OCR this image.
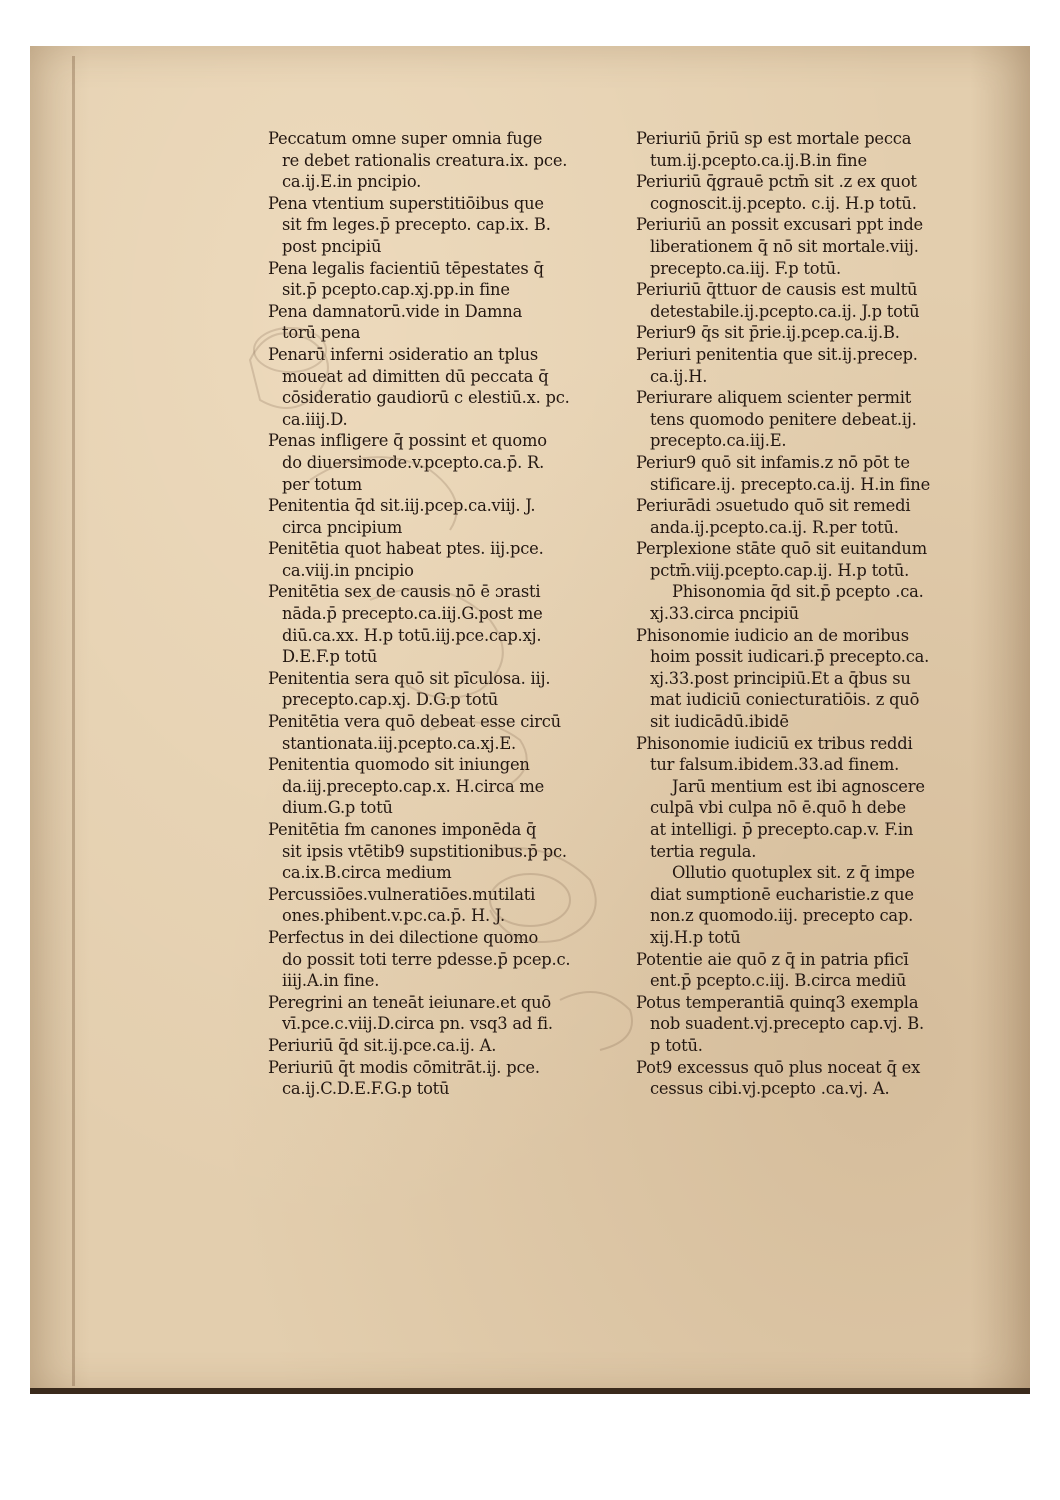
Peccatum omne super omnia fuge
re debet rationalis creatura.ix. pce.
ca.ij.E.in pncipio.
Pena vtentium superstitiōibus que
sit fm leges.p̄ precepto. cap.ix. B.
post pncipiū
Pena legalis facientiū tēpestates q̄
sit.p̄ pcepto.cap.xj.pp.in fine
Pena damnatorū.vide in Damna
torū pena
Penarū inferni ɔsideratio an tplus
moueat ad dimitten dū peccata q̄
cōsideratio gaudiorū c elestiū.x. pc.
ca.iiij.D.
Penas infligere q̄ possint et quomo
do diuersimode.v.pcepto.ca.p̄. R.
per totum
Penitentia q̄d sit.iij.pcep.ca.viij. J.
circa pncipium
Penitētia quot habeat ptes. iij.pce.
ca.viij.in pncipio
Penitētia sex de causis nō ē ɔrasti
nāda.p̄ precepto.ca.iij.G.post me
diū.ca.xx. H.p totū.iij.pce.cap.xj.
D.E.F.p totū
Penitentia sera quō sit pīculosa. iij.
precepto.cap.xj. D.G.p totū
Penitētia vera quō debeat esse circū
stantionata.iij.pcepto.ca.xj.E.
Penitentia quomodo sit iniungen
da.iij.precepto.cap.x. H.circa me
dium.G.p totū
Penitētia fm canones imponēda q̄
sit ipsis vtētib9 supstitionibus.p̄ pc.
ca.ix.B.circa medium
Percussiōes.vulneratiōes.mutilati
ones.phibent.v.pc.ca.p̄. H. J.
Perfectus in dei dilectione quomo
do possit toti terre pdesse.p̄ pcep.c.
iiij.A.in fine.
Peregrini an teneāt ieiunare.et quō
vī.pce.c.viij.D.circa pn. vsq3 ad fi.
Periuriū q̄d sit.ij.pce.ca.ij. A.
Periuriū q̄t modis cōmitrāt.ij. pce.
ca.ij.C.D.E.F.G.p totū
Periuriū p̄riū sp est mortale pecca
tum.ij.pcepto.ca.ij.B.in fine
Periuriū q̄grauē pctm̄ sit .z ex quot
cognoscit.ij.pcepto. c.ij. H.p totū.
Periuriū an possit excusari ppt inde
liberationem q̄ nō sit mortale.viij.
precepto.ca.iij. F.p totū.
Periuriū q̄ttuor de causis est multū
detestabile.ij.pcepto.ca.ij. J.p totū
Periur9 q̄s sit p̄rie.ij.pcep.ca.ij.B.
Periuri penitentia que sit.ij.precep.
ca.ij.H.
Periurare aliquem scienter permit
tens quomodo penitere debeat.ij.
precepto.ca.iij.E.
Periur9 quō sit infamis.z nō pōt te
stificare.ij. precepto.ca.ij. H.in fine
Periurādi ɔsuetudo quō sit remedi
anda.ij.pcepto.ca.ij. R.per totū.
Perplexione stāte quō sit euitandum
pctm̄.viij.pcepto.cap.ij. H.p totū.
Phisonomia q̄d sit.p̄ pcepto .ca.
xj.33.circa pncipiū
Phisonomie iudicio an de moribus
hoim possit iudicari.p̄ precepto.ca.
xj.33.post principiū.Et a q̄bus su
mat iudiciū coniecturatiōis. z quō
sit iudicādū.ibidē
Phisonomie iudiciū ex tribus reddi
tur falsum.ibidem.33.ad finem.
Jarū mentium est ibi agnoscere
culpā vbi culpa nō ē.quō h debe
at intelligi. p̄ precepto.cap.v. F.in
tertia regula.
Ollutio quotuplex sit. z q̄ impe
diat sumptionē eucharistie.z que
non.z quomodo.iij. precepto cap.
xij.H.p totū
Potentie aie quō z q̄ in patria pficī
ent.p̄ pcepto.c.iij. B.circa mediū
Potus temperantiā quinq3 exempla
nob suadent.vj.precepto cap.vj. B.
p totū.
Pot9 excessus quō plus noceat q̄ ex
cessus cibi.vj.pcepto .ca.vj. A.
